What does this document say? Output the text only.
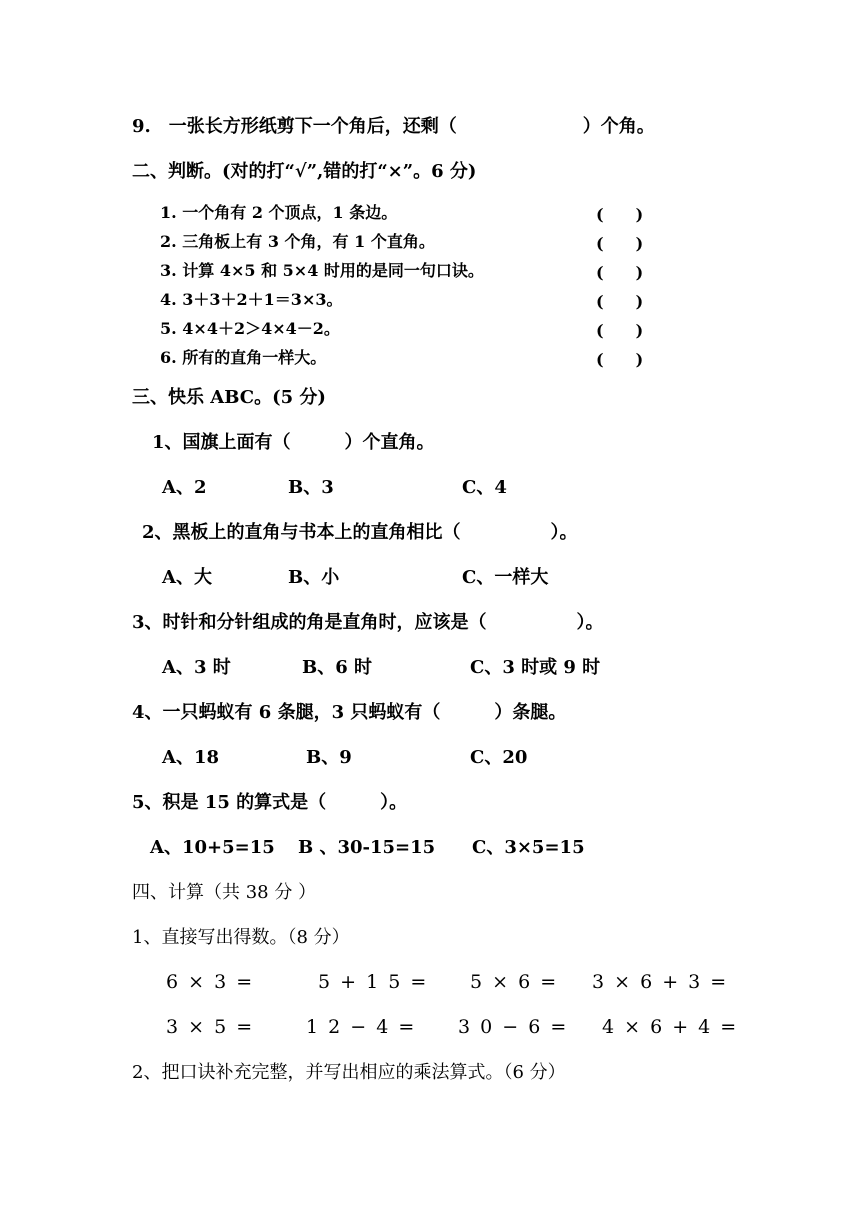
9.　一张长方形纸剪下一个角后，还剩（　　　　　　　）个角。
二、判断。(对的打“√”,错的打“×”。6 分)
1. 一个角有 2 个顶点，1 条边。	(　　)
2. 三角板上有 3 个角，有 1 个直角。	(　　)
3. 计算 4×5 和 5×4 时用的是同一句口诀。	(　　)
4. 3＋3＋2＋1＝3×3。	(　　)
5. 4×4＋2＞4×4－2。	(　　)
6. 所有的直角一样大。	(　　)
三、快乐 ABC。(5 分)
1、国旗上面有（　　　）个直角。
A、2	B、3	C、4
2、黑板上的直角与书本上的直角相比（　　　　　）。
A、大	B、小	C、一样大
3、时针和分针组成的角是直角时，应该是（　　　　　）。
A、3 时	B、6 时	C、3 时或 9 时
4、一只蚂蚁有 6 条腿，3 只蚂蚁有（　　　）条腿。
A、18	B、9	C、20
5、积是 15 的算式是（　　　）。
A、10+5=15 B 、30-15=15 C、3×5=15
四、计算（共 38 分 ）
1、直接写出得数。（8 分）
6 × 3 =	5 + 1 5 = 5 × 6 = 3 × 6 + 3 =
3 × 5 =	1 2 − 4 = 3 0 − 6 = 4 × 6 + 4 =
2、把口诀补充完整，并写出相应的乘法算式。（6 分）
